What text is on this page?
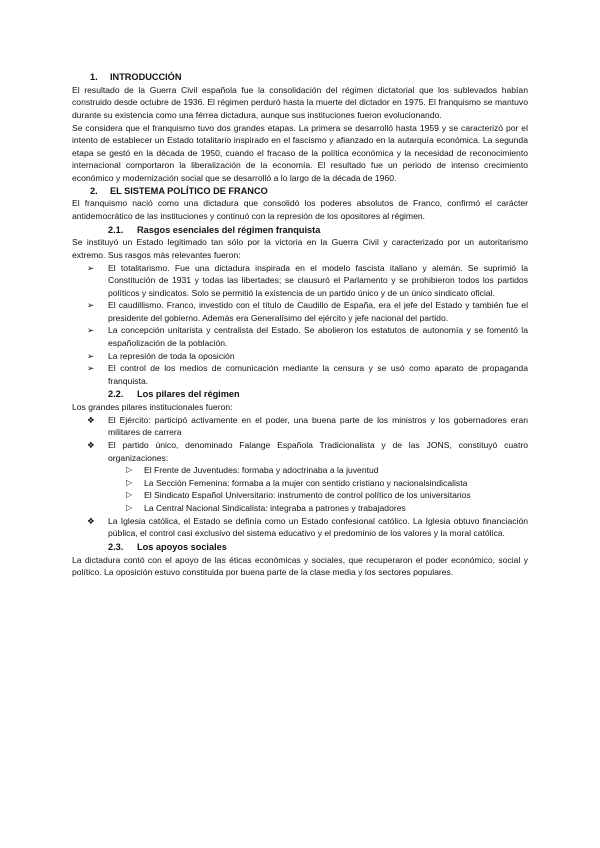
1. INTRODUCCIÓN

El resultado de la Guerra Civil española fue la consolidación del régimen dictatorial que los sublevados habían construido desde octubre de 1936. El régimen perduró hasta la muerte del dictador en 1975. El franquismo se mantuvo durante su existencia como una férrea dictadura, aunque sus instituciones fueron evolucionando.

Se considera que el franquismo tuvo dos grandes etapas. La primera se desarrolló hasta 1959 y se caracterizó por el intento de establecer un Estado totalitario inspirado en el fascismo y afianzado en la autarquía económica. La segunda etapa se gestó en la década de 1950, cuando el fracaso de la política económica y la necesidad de reconocimiento internacional comportaron la liberalización de la economía. El resultado fue un periodo de intenso crecimiento económico y modernización social que se desarrolló a lo largo de la década de 1960.

2. EL SISTEMA POLÍTICO DE FRANCO

El franquismo nació como una dictadura que consolidó los poderes absolutos de Franco, confirmó el carácter antidemocrático de las instituciones y continuó con la represión de los opositores al régimen.

2.1. Rasgos esenciales del régimen franquista

Se instituyó un Estado legitimado tan sólo por la victoria en la Guerra Civil y caracterizado por un autoritarismo extremo. Sus rasgos más relevantes fueron:

➢	El totalitarismo. Fue una dictadura inspirada en el modelo fascista italiano y alemán. Se suprimió la Constitución de 1931 y todas las libertades; se clausuró el Parlamento y se prohibieron todos los partidos políticos y sindicatos. Solo se permitió la existencia de un partido único y de un único sindicato oficial.
➢	El caudillismo. Franco, investido con el título de Caudillo de España, era el jefe del Estado y también fue el presidente del gobierno. Además era Generalísimo del ejército y jefe nacional del partido.
➢	La concepción unitarista y centralista del Estado. Se abolieron los estatutos de autonomía y se fomentó la españolización de la población.
➢	La represión de toda la oposición
➢	El control de los medios de comunicación mediante la censura y se usó como aparato de propaganda franquista.
2.2. Los pilares del régimen

Los grandes pilares institucionales fueron:

❖	El Ejército: participó activamente en el poder, una buena parte de los ministros y los gobernadores eran militares de carrera
❖	El partido único, denominado Falange Española Tradicionalista y de las JONS, constituyó cuatro organizaciones:
▷ El Frente de Juventudes: formaba y adoctrinaba a la juventud
▷ La Sección Femenina: formaba a la mujer con sentido cristiano y nacionalsindicalista
▷ El Sindicato Español Universitario: instrumento de control político de los universitarios
▷ La Central Nacional Sindicalista: integraba a patrones y trabajadores
❖	La Iglesia católica, el Estado se definía como un Estado confesional católico. La Iglesia obtuvo financiación pública, el control casi exclusivo del sistema educativo y el predominio de los valores y la moral católica.
2.3. Los apoyos sociales

La dictadura contó con el apoyo de las éticas económicas y sociales, que recuperaron el poder económico, social y político. La oposición estuvo constituida por buena parte de la clase media y los sectores populares.
